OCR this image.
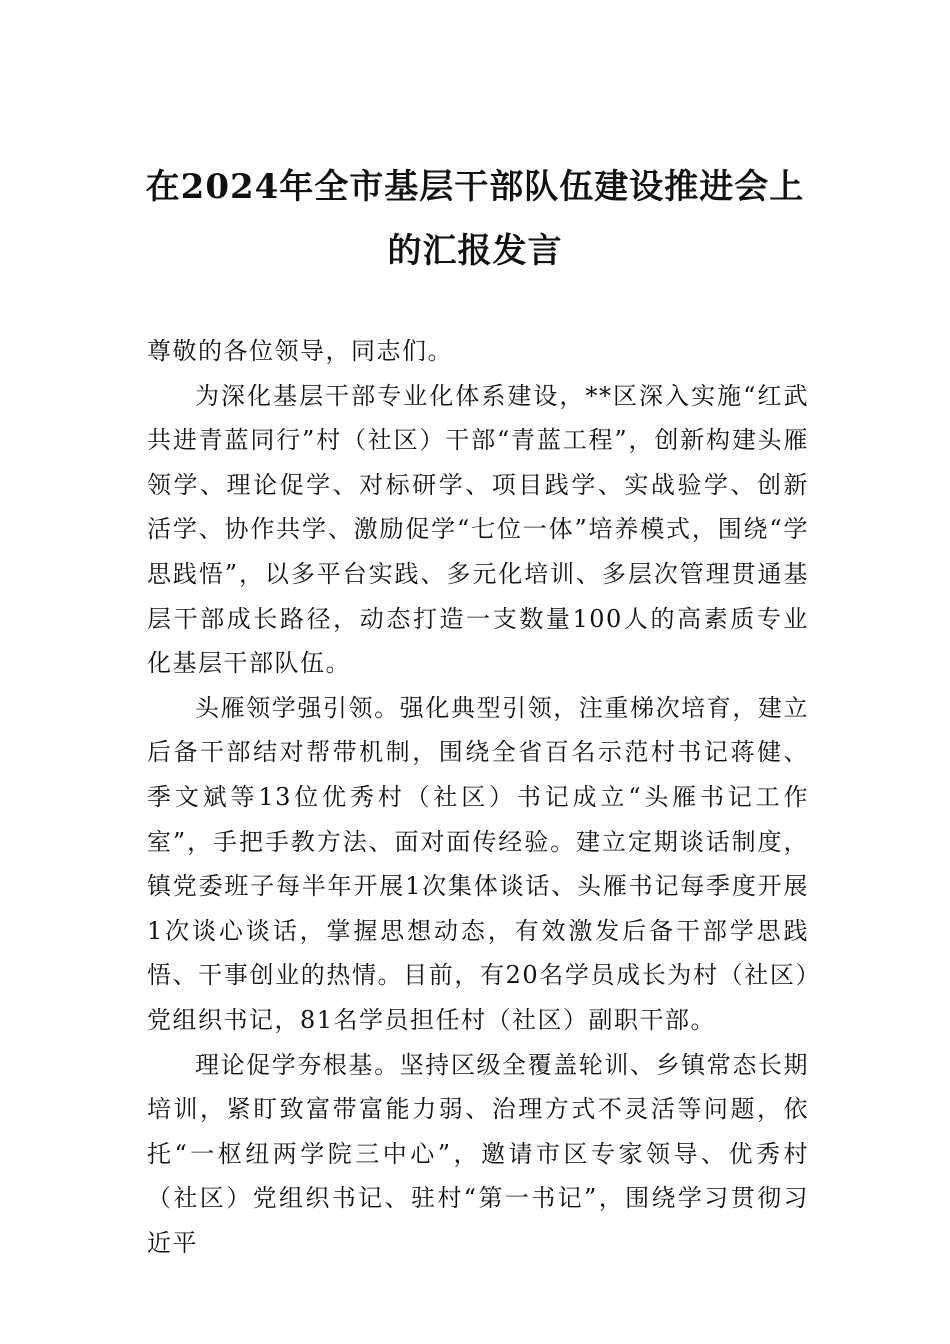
在2024年全市基层干部队伍建设推进会上
的汇报发言

尊敬的各位领导，同志们。

为深化基层干部专业化体系建设，**区深入实施“红武共进青蓝同行”村（社区）干部“青蓝工程”，创新构建头雁领学、理论促学、对标研学、项目践学、实战验学、创新活学、协作共学、激励促学“七位一体”培养模式，围绕“学思践悟”，以多平台实践、多元化培训、多层次管理贯通基层干部成长路径，动态打造一支数量100人的高素质专业化基层干部队伍。

头雁领学强引领。强化典型引领，注重梯次培育，建立后备干部结对帮带机制，围绕全省百名示范村书记蒋健、季文斌等13位优秀村（社区）书记成立“头雁书记工作室”，手把手教方法、面对面传经验。建立定期谈话制度，镇党委班子每半年开展1次集体谈话、头雁书记每季度开展1次谈心谈话，掌握思想动态，有效激发后备干部学思践悟、干事创业的热情。目前，有20名学员成长为村（社区）党组织书记，81名学员担任村（社区）副职干部。

理论促学夯根基。坚持区级全覆盖轮训、乡镇常态长期培训，紧盯致富带富能力弱、治理方式不灵活等问题，依托“一枢纽两学院三中心”，邀请市区专家领导、优秀村（社区）党组织书记、驻村“第一书记”，围绕学习贯彻习近平
